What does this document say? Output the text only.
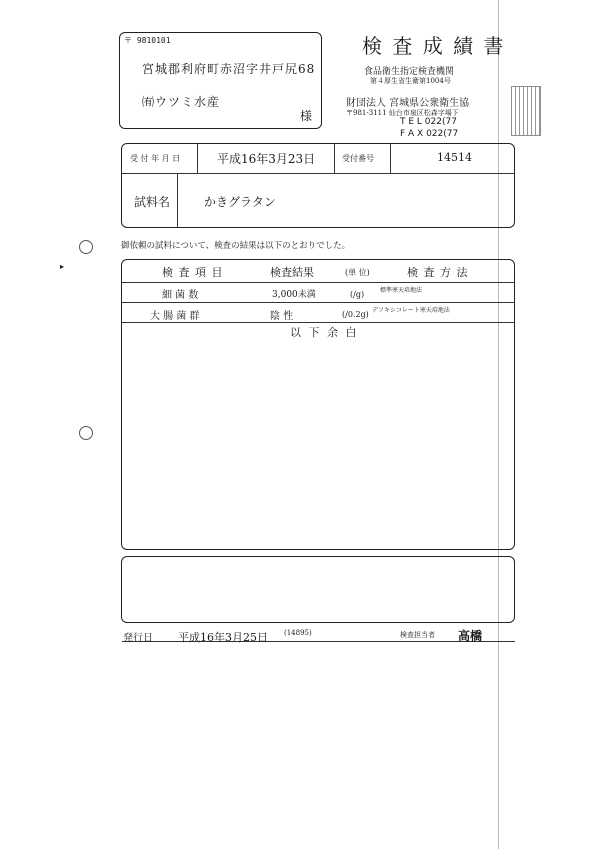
▸
〒 9810101
宮城郡利府町赤沼字井戸尻68
㈲ウツミ水産
様
検 査 成 績 書
食品衛生指定検査機関
第４厚生省生衛第1004号
財団法人 宮城県公衆衛生協
〒981-3111 仙台市泉区松森字場下
T E L 022(77
F A X 022(77
受 付 年 月 日	平成16年3月23日	受付番号	14514
試料名	かきグラタン
御依頼の試料について、検査の結果は以下のとおりでした。
検 査 項 目	検査結果	(単 位)	検 査 方 法
細 菌 数	3,000未満	(/g)	標準寒天培地法
大 腸 菌 群	陰 性	(/0.2g) デソキシコレート寒天培地法
以 下 余 白
発行日 平成16年3月25日 (14895)	検査担当者 高橋
